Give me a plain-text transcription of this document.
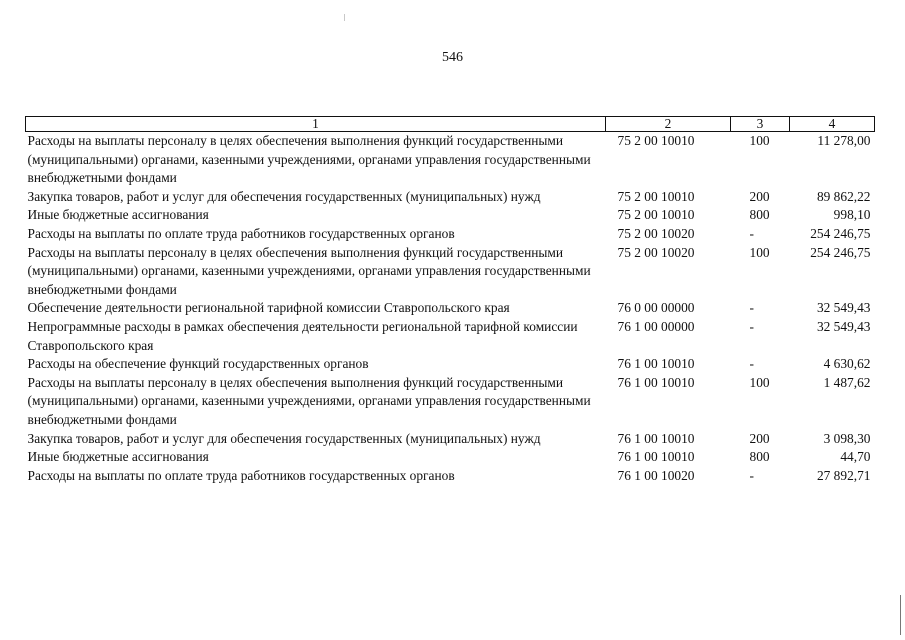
546
1	2	3	4
Расходы на выплаты персоналу в целях обеспечения выполнения функций государственными (муниципальными) органами, казенными учреждениями, органами управления государственными внебюджетными фондами	75 2 00 10010	100	11 278,00
Закупка товаров, работ и услуг для обеспечения государственных (муниципальных) нужд	75 2 00 10010	200	89 862,22
Иные бюджетные ассигнования	75 2 00 10010	800	998,10
Расходы на выплаты по оплате труда работников государственных органов	75 2 00 10020	-	254 246,75
Расходы на выплаты персоналу в целях обеспечения выполнения функций государственными (муниципальными) органами, казенными учреждениями, органами управления государственными внебюджетными фондами	75 2 00 10020	100	254 246,75
Обеспечение деятельности региональной тарифной комиссии Ставропольского края	76 0 00 00000	-	32 549,43
Непрограммные расходы в рамках обеспечения деятельности региональной тарифной комиссии Ставропольского края	76 1 00 00000	-	32 549,43
Расходы на обеспечение функций государственных органов	76 1 00 10010	-	4 630,62
Расходы на выплаты персоналу в целях обеспечения выполнения функций государственными (муниципальными) органами, казенными учреждениями, органами управления государственными внебюджетными фондами	76 1 00 10010	100	1 487,62
Закупка товаров, работ и услуг для обеспечения государственных (муниципальных) нужд	76 1 00 10010	200	3 098,30
Иные бюджетные ассигнования	76 1 00 10010	800	44,70
Расходы на выплаты по оплате труда работников государственных органов	76 1 00 10020	-	27 892,71
